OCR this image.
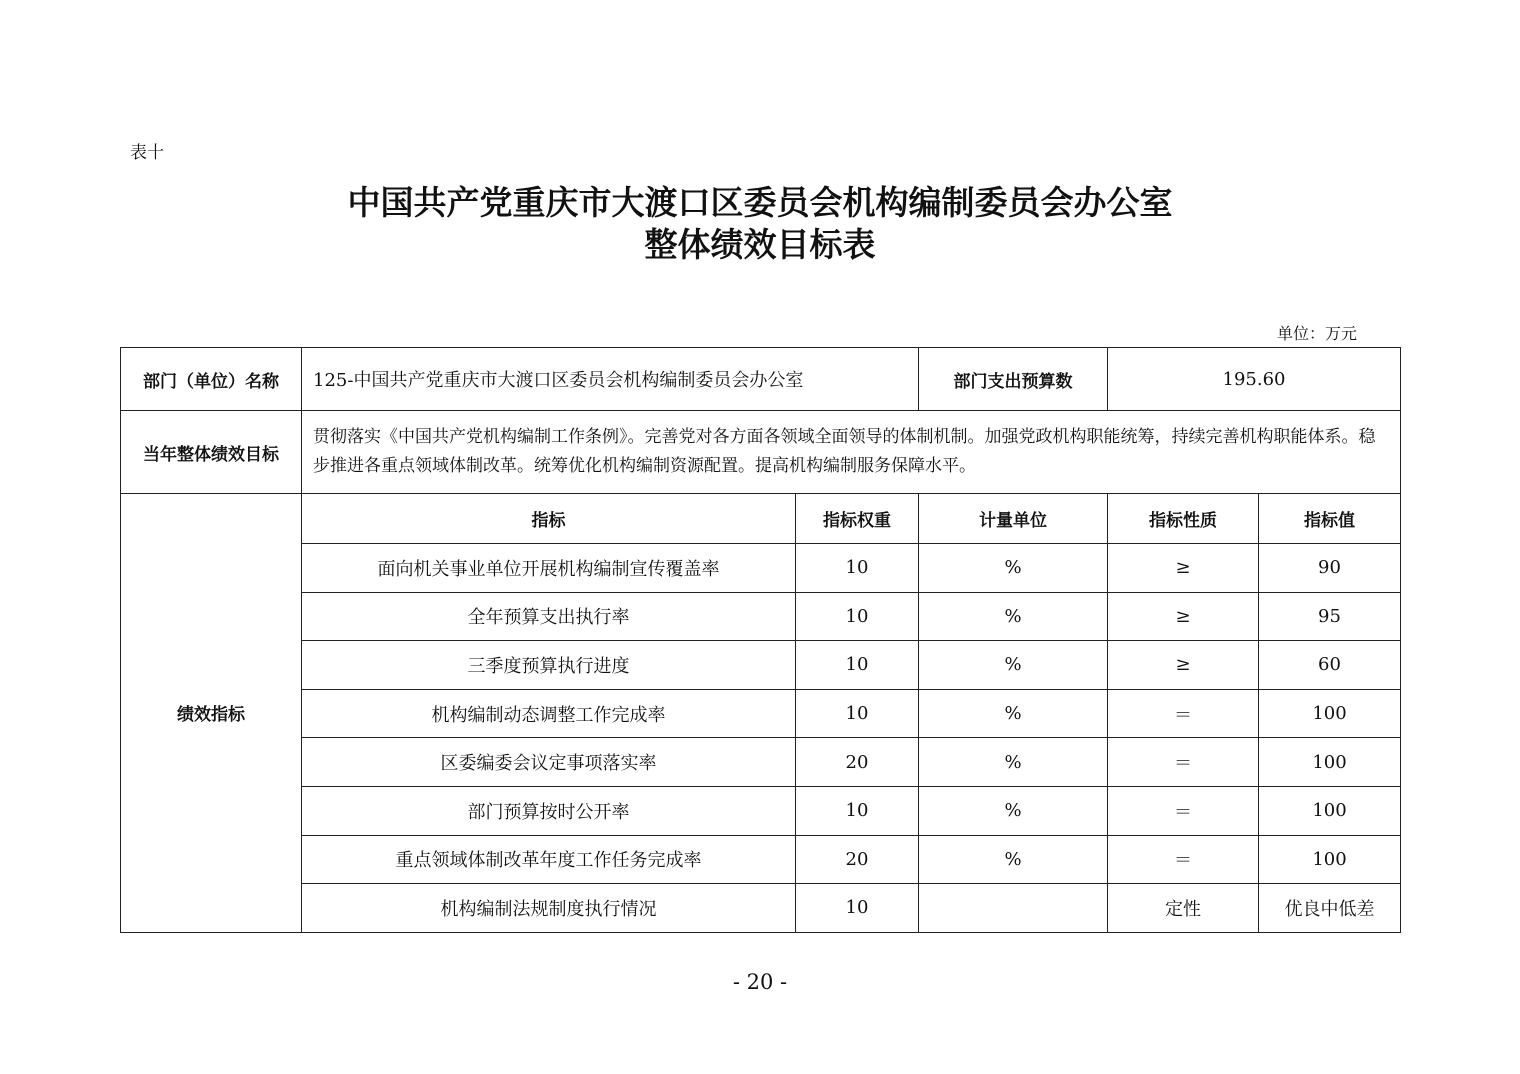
表十
中国共产党重庆市大渡口区委员会机构编制委员会办公室
整体绩效目标表
单位：万元
部门（单位）名称	125-中国共产党重庆市大渡口区委员会机构编制委员会办公室		部门支出预算数	195.60	
当年整体绩效目标	贯彻落实《中国共产党机构编制工作条例》。完善党对各方面各领域全面领导的体制机制。加强党政机构职能统筹，持续完善机构职能体系。稳步推进各重点领域体制改革。统筹优化机构编制资源配置。提高机构编制服务保障水平。				
绩效指标	指标	指标权重	计量单位	指标性质	指标值
	面向机关事业单位开展机构编制宣传覆盖率	10	%	≥	90
	全年预算支出执行率	10	%	≥	95
	三季度预算执行进度	10	%	≥	60
	机构编制动态调整工作完成率	10	%	＝	100
	区委编委会议定事项落实率	20	%	＝	100
	部门预算按时公开率	10	%	＝	100
	重点领域体制改革年度工作任务完成率	20	%	＝	100
	机构编制法规制度执行情况	10		定性	优良中低差
- 20 -
